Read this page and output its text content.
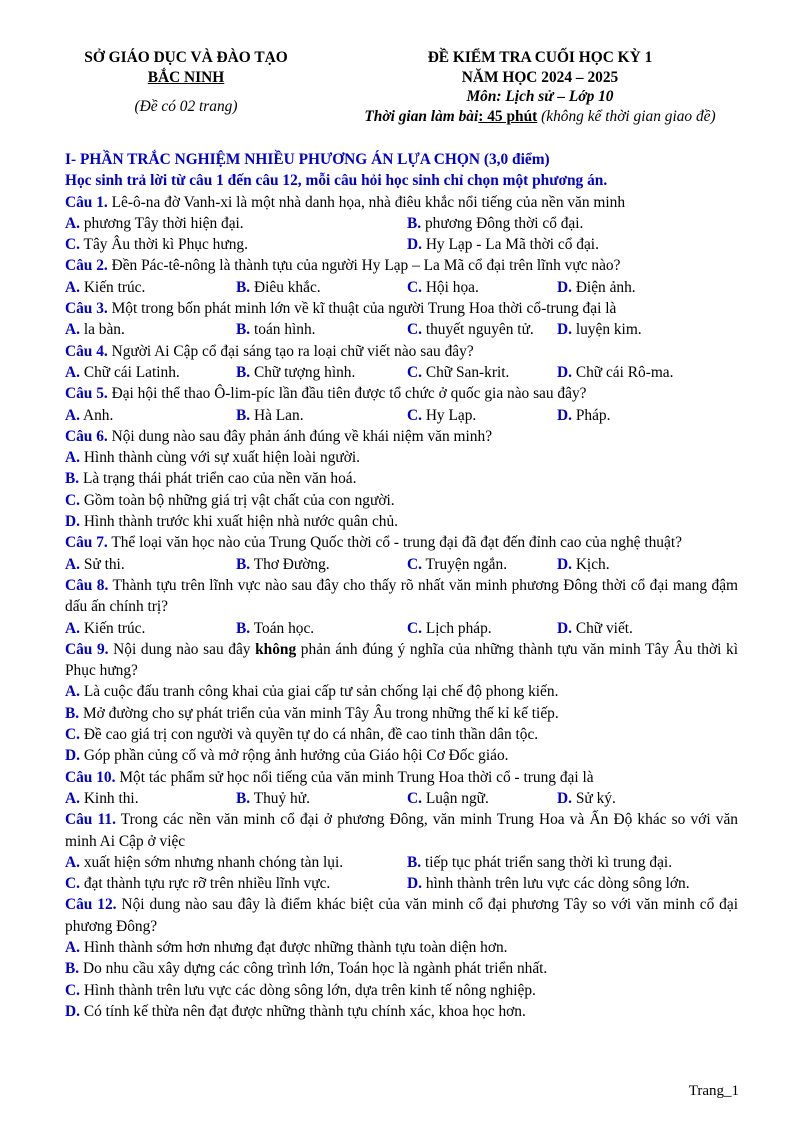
SỞ GIÁO DỤC VÀ ĐÀO TẠO
BẮC NINH
(Đề có 02 trang)
ĐỀ KIỂM TRA CUỐI HỌC KỲ 1
NĂM HỌC 2024 – 2025
Môn: Lịch sử – Lớp 10
Thời gian làm bài: 45 phút (không kể thời gian giao đề)
I- PHẦN TRẮC NGHIỆM NHIỀU PHƯƠNG ÁN LỰA CHỌN (3,0 điểm)
Học sinh trả lời từ câu 1 đến câu 12, mỗi câu hỏi học sinh chỉ chọn một phương án.
Câu 1. Lê-ô-na đờ Vanh-xi là một nhà danh họa, nhà điêu khắc nổi tiếng của nền văn minh
A. phương Tây thời hiện đại.	B. phương Đông thời cổ đại.
C. Tây Âu thời kì Phục hưng.	D. Hy Lạp - La Mã thời cổ đại.
Câu 2. Đền Pác-tê-nông là thành tựu của người Hy Lạp – La Mã cổ đại trên lĩnh vực nào?
A. Kiến trúc.	B. Điêu khắc.	C. Hội họa.	D. Điện ảnh.
Câu 3. Một trong bốn phát minh lớn về kĩ thuật của người Trung Hoa thời cổ-trung đại là
A. la bàn.	B. toán hình.	C. thuyết nguyên tử.	D. luyện kim.
Câu 4. Người Ai Cập cổ đại sáng tạo ra loại chữ viết nào sau đây?
A. Chữ cái Latinh.	B. Chữ tượng hình.	C. Chữ San-krit.	D. Chữ cái Rô-ma.
Câu 5. Đại hội thể thao Ô-lim-píc lần đầu tiên được tổ chức ở quốc gia nào sau đây?
A. Anh.	B. Hà Lan.	C. Hy Lạp.	D. Pháp.
Câu 6. Nội dung nào sau đây phản ánh đúng về khái niệm văn minh?
A. Hình thành cùng với sự xuất hiện loài người.
B. Là trạng thái phát triển cao của nền văn hoá.
C. Gồm toàn bộ những giá trị vật chất của con người.
D. Hình thành trước khi xuất hiện nhà nước quân chủ.
Câu 7. Thể loại văn học nào của Trung Quốc thời cổ - trung đại đã đạt đến đỉnh cao của nghệ thuật?
A. Sử thi.	B. Thơ Đường.	C. Truyện ngắn.	D. Kịch.
Câu 8. Thành tựu trên lĩnh vực nào sau đây cho thấy rõ nhất văn minh phương Đông thời cổ đại mang đậm dấu ấn chính trị?
A. Kiến trúc.	B. Toán học.	C. Lịch pháp.	D. Chữ viết.
Câu 9. Nội dung nào sau đây không phản ánh đúng ý nghĩa của những thành tựu văn minh Tây Âu thời kì Phục hưng?
A. Là cuộc đấu tranh công khai của giai cấp tư sản chống lại chế độ phong kiến.
B. Mở đường cho sự phát triển của văn minh Tây Âu trong những thế kỉ kế tiếp.
C. Đề cao giá trị con người và quyền tự do cá nhân, đề cao tinh thần dân tộc.
D. Góp phần củng cố và mở rộng ảnh hưởng của Giáo hội Cơ Đốc giáo.
Câu 10. Một tác phẩm sử học nổi tiếng của văn minh Trung Hoa thời cổ - trung đại là
A. Kinh thi.	B. Thuỷ hử.	C. Luận ngữ.	D. Sử ký.
Câu 11. Trong các nền văn minh cổ đại ở phương Đông, văn minh Trung Hoa và Ấn Độ khác so với văn minh Ai Cập ở việc
A. xuất hiện sớm nhưng nhanh chóng tàn lụi.	B. tiếp tục phát triển sang thời kì trung đại.
C. đạt thành tựu rực rỡ trên nhiều lĩnh vực.	D. hình thành trên lưu vực các dòng sông lớn.
Câu 12. Nội dung nào sau đây là điểm khác biệt của văn minh cổ đại phương Tây so với văn minh cổ đại phương Đông?
A. Hình thành sớm hơn nhưng đạt được những thành tựu toàn diện hơn.
B. Do nhu cầu xây dựng các công trình lớn, Toán học là ngành phát triển nhất.
C. Hình thành trên lưu vực các dòng sông lớn, dựa trên kinh tế nông nghiệp.
D. Có tính kế thừa nên đạt được những thành tựu chính xác, khoa học hơn.
Trang_1
